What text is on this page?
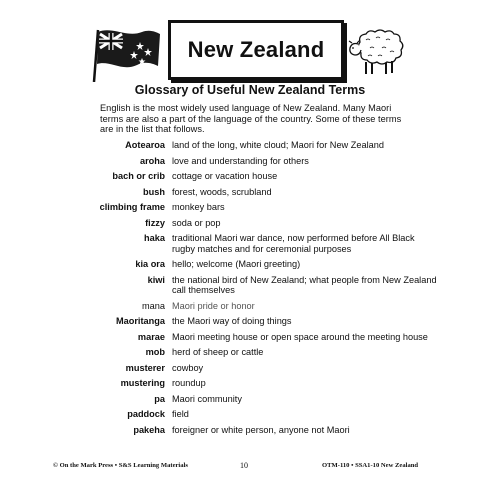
New Zealand
Glossary of Useful New Zealand Terms
English is the most widely used language of New Zealand. Many Maori terms are also a part of the language of the country. Some of these terms are in the list that follows.
Aotearoa land of the long, white cloud; Maori for New Zealand
aroha love and understanding for others
bach or crib cottage or vacation house
bush forest, woods, scrubland
climbing frame monkey bars
fizzy soda or pop
haka traditional Maori war dance, now performed before All Black rugby matches and for ceremonial purposes
kia ora hello; welcome (Maori greeting)
kiwi the national bird of New Zealand; what people from New Zealand call themselves
mana Maori pride or honor
Maoritanga the Maori way of doing things
marae Maori meeting house or open space around the meeting house
mob herd of sheep or cattle
musterer cowboy
mustering roundup
pa Maori community
paddock field
pakeha foreigner or white person, anyone not Maori
© On the Mark Press • S&S Learning Materials	10	OTM-110 • SSA1-10 New Zealand
